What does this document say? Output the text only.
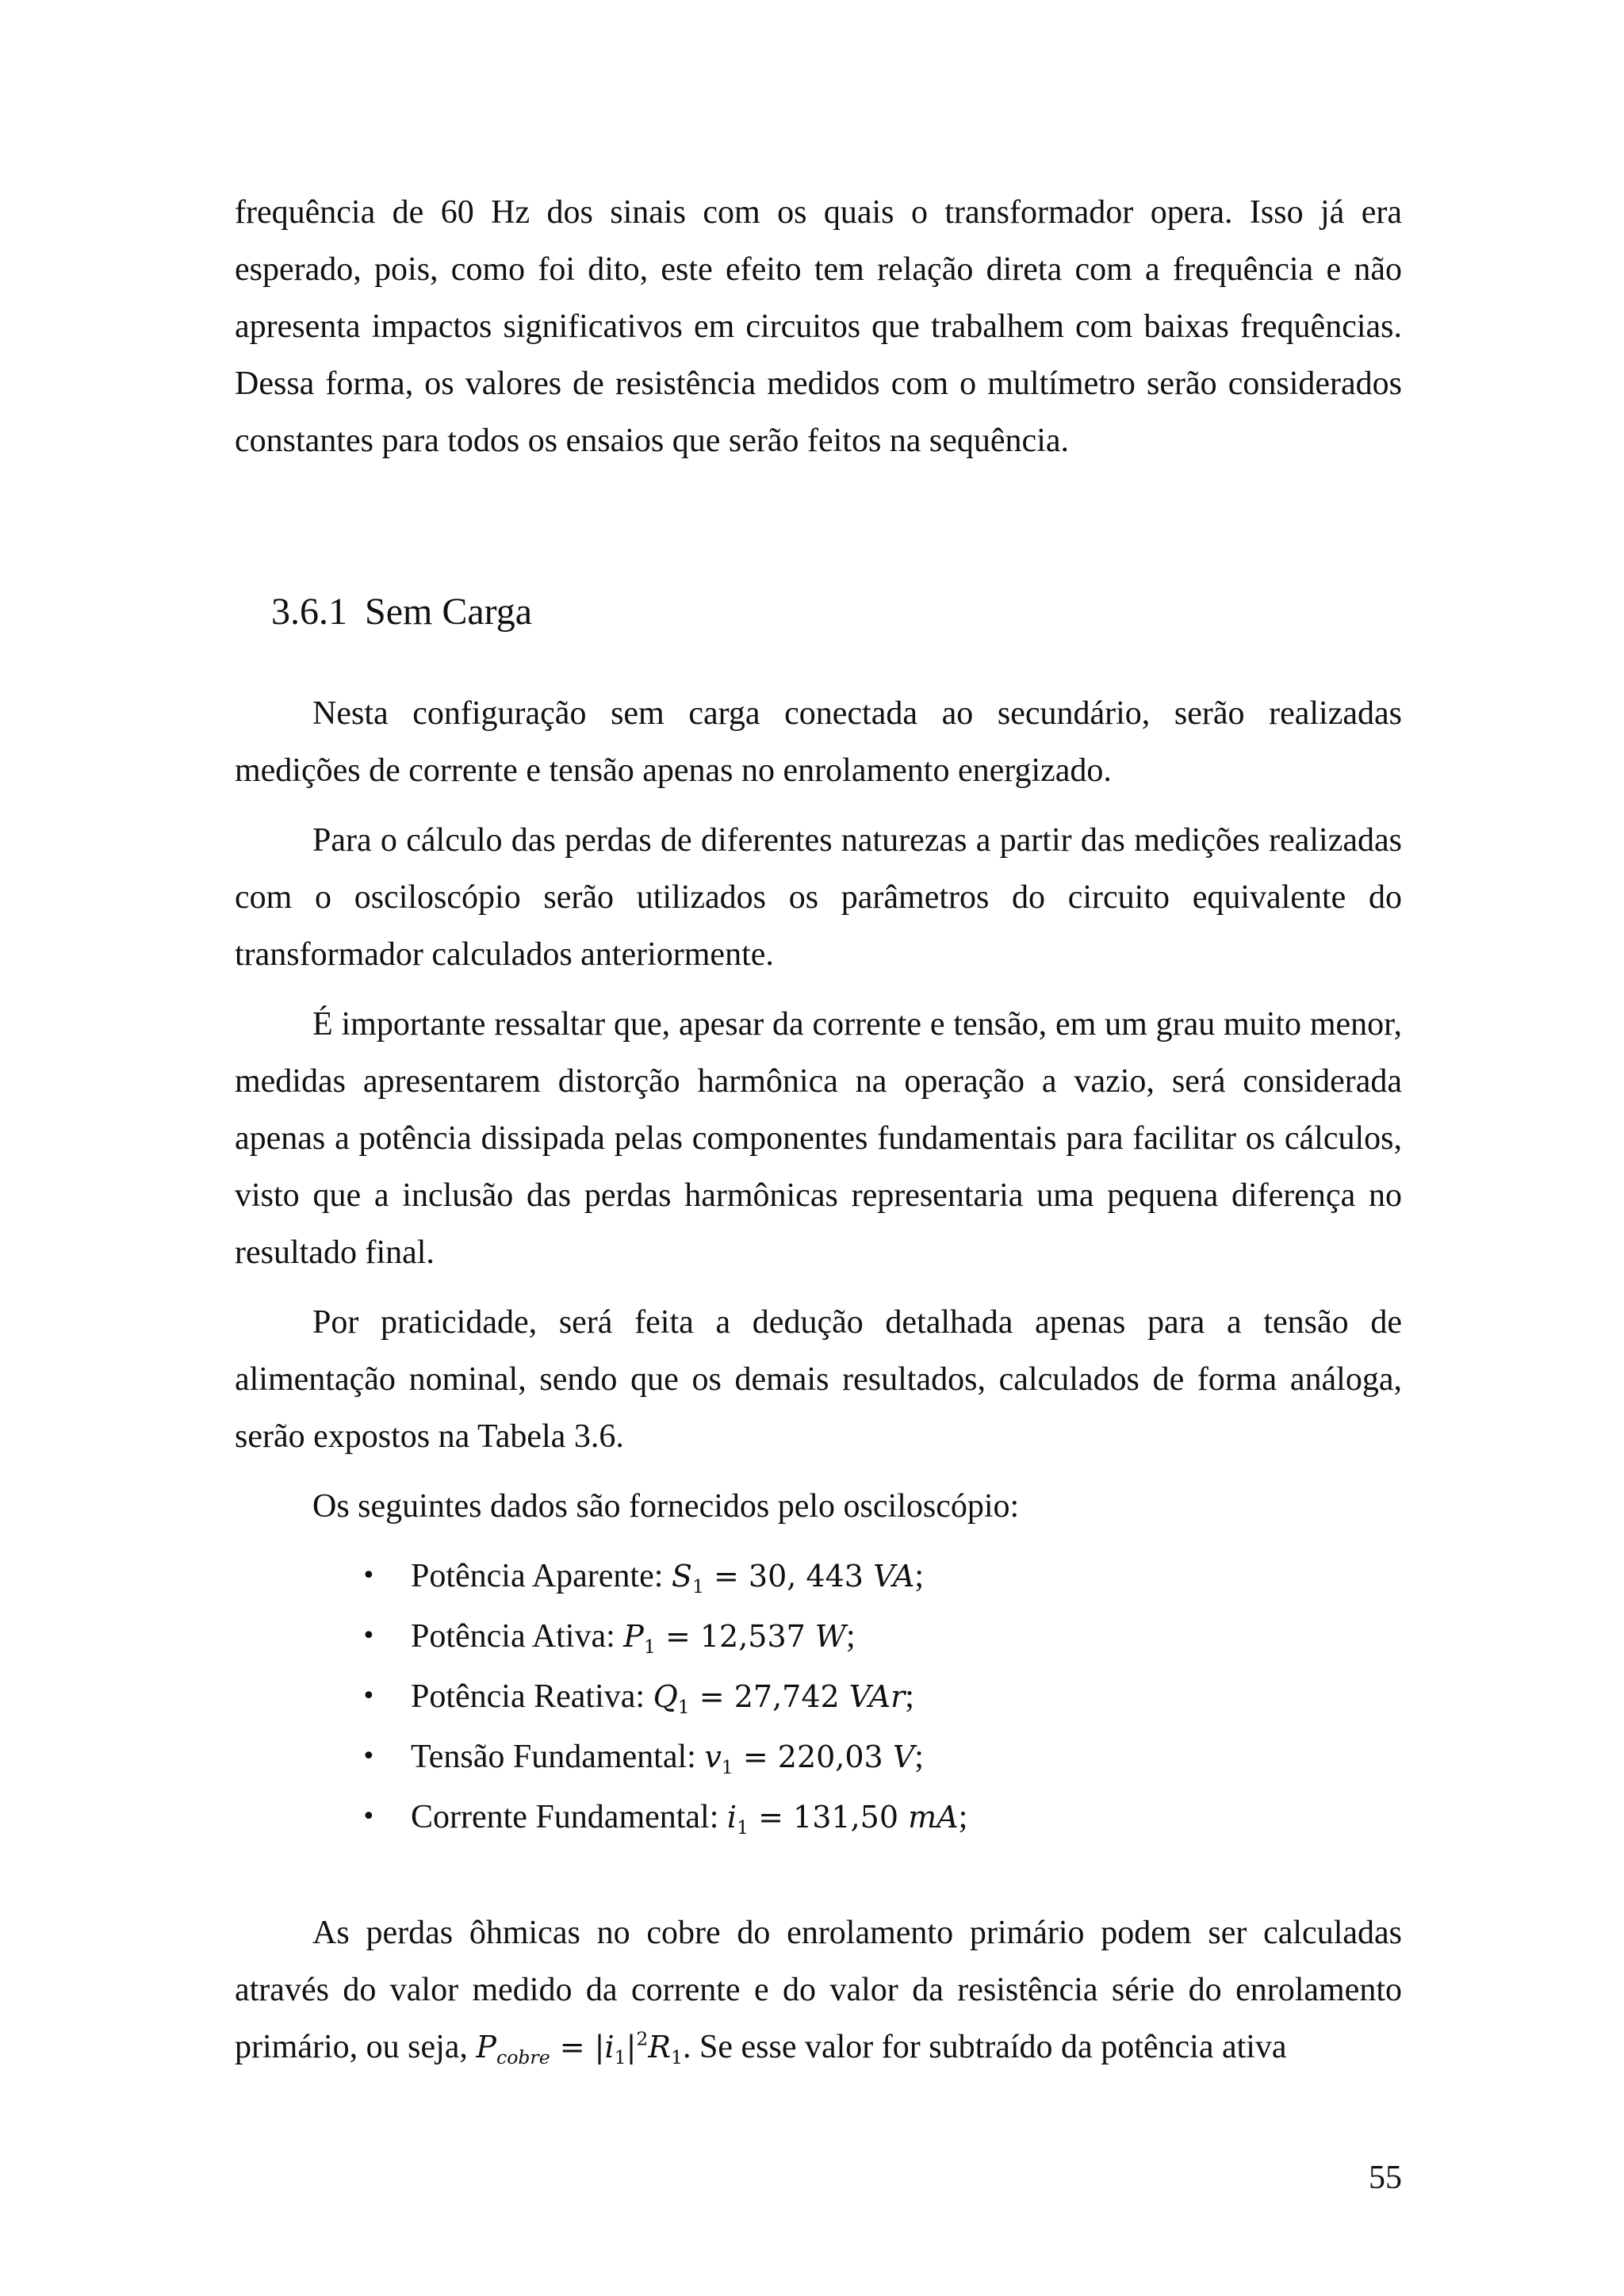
frequência de 60 Hz dos sinais com os quais o transformador opera. Isso já era esperado, pois, como foi dito, este efeito tem relação direta com a frequência e não apresenta impactos significativos em circuitos que trabalhem com baixas frequências. Dessa forma, os valores de resistência medidos com o multímetro serão considerados constantes para todos os ensaios que serão feitos na sequência.

3.6.1 Sem Carga

Nesta configuração sem carga conectada ao secundário, serão realizadas medições de corrente e tensão apenas no enrolamento energizado.

Para o cálculo das perdas de diferentes naturezas a partir das medições realizadas com o osciloscópio serão utilizados os parâmetros do circuito equivalente do transformador calculados anteriormente.

É importante ressaltar que, apesar da corrente e tensão, em um grau muito menor, medidas apresentarem distorção harmônica na operação a vazio, será considerada apenas a potência dissipada pelas componentes fundamentais para facilitar os cálculos, visto que a inclusão das perdas harmônicas representaria uma pequena diferença no resultado final.

Por praticidade, será feita a dedução detalhada apenas para a tensão de alimentação nominal, sendo que os demais resultados, calculados de forma análoga, serão expostos na Tabela 3.6.

Os seguintes dados são fornecidos pelo osciloscópio:

• Potência Aparente: $S_1 = 30$, 443 VA;
• Potência Ativa: $P_1 = 12,537$ W;
• Potência Reativa: $Q_1 = 27,742$ VAr;
• Tensão Fundamental: $v_1 = 220,03$ V;
• Corrente Fundamental: $i_1 = 131,50$ mA;

As perdas ôhmicas no cobre do enrolamento primário podem ser calculadas através do valor medido da corrente e do valor da resistência série do enrolamento primário, ou seja, $P_{cobre} = |i_1|^2R_1$. Se esse valor for subtraído da potência ativa

55
